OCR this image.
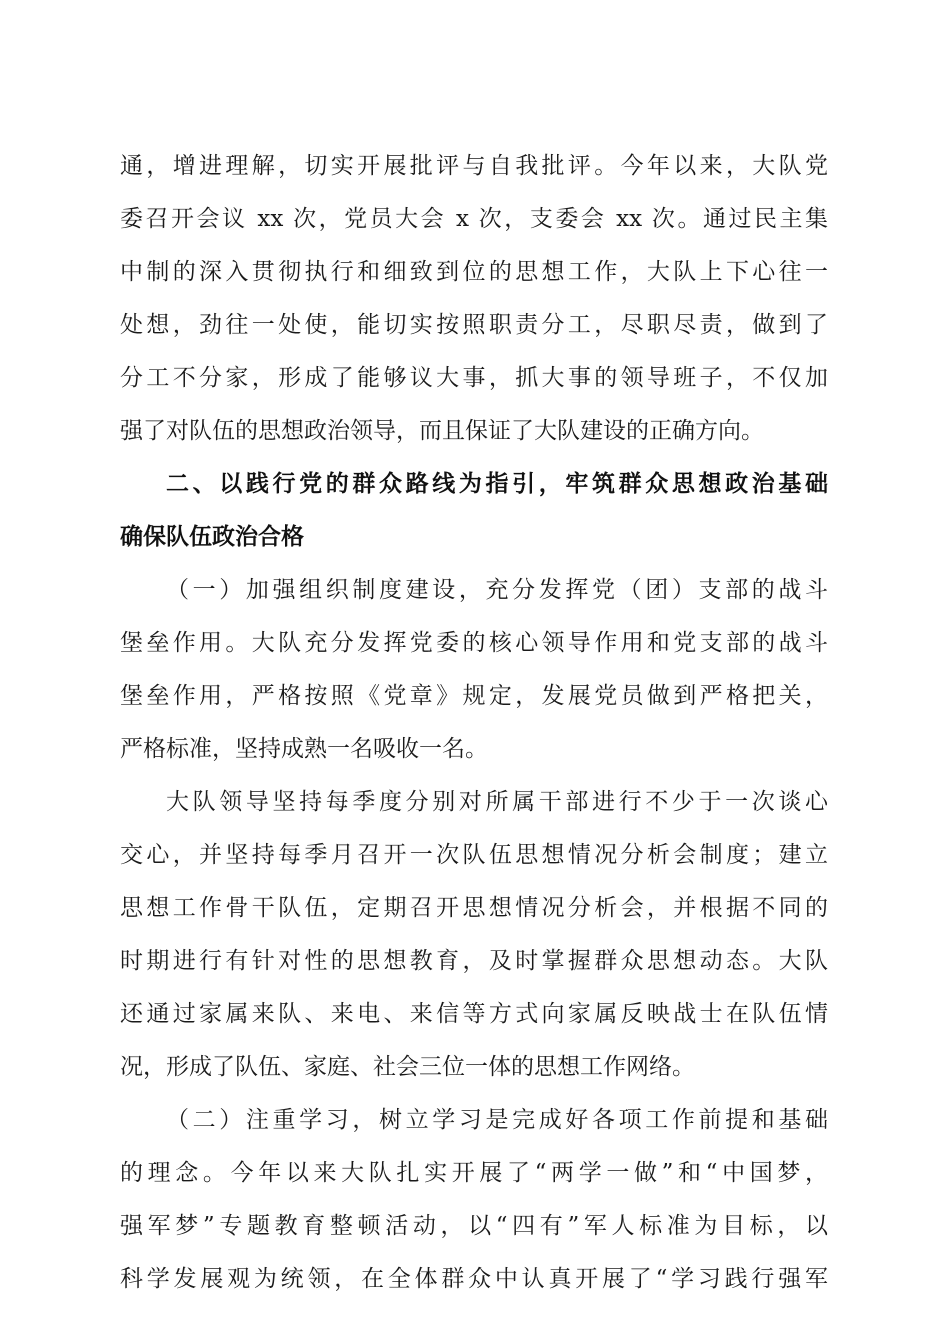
通，增进理解，切实开展批评与自我批评。今年以来，大队党
委召开会议 xx 次，党员大会 x 次，支委会 xx 次。通过民主集
中制的深入贯彻执行和细致到位的思想工作，大队上下心往一
处想，劲往一处使，能切实按照职责分工，尽职尽责，做到了
分工不分家，形成了能够议大事，抓大事的领导班子，不仅加
强了对队伍的思想政治领导，而且保证了大队建设的正确方向。
二、以践行党的群众路线为指引，牢筑群众思想政治基础
确保队伍政治合格
（一）加强组织制度建设，充分发挥党（团）支部的战斗
堡垒作用。大队充分发挥党委的核心领导作用和党支部的战斗
堡垒作用，严格按照《党章》规定，发展党员做到严格把关，
严格标准，坚持成熟一名吸收一名。
大队领导坚持每季度分别对所属干部进行不少于一次谈心
交心，并坚持每季月召开一次队伍思想情况分析会制度；建立
思想工作骨干队伍，定期召开思想情况分析会，并根据不同的
时期进行有针对性的思想教育，及时掌握群众思想动态。大队
还通过家属来队、来电、来信等方式向家属反映战士在队伍情
况，形成了队伍、家庭、社会三位一体的思想工作网络。
（二）注重学习，树立学习是完成好各项工作前提和基础
的理念。今年以来大队扎实开展了“两学一做”和“中国梦，
强军梦”专题教育整顿活动，以“四有”军人标准为目标，以
科学发展观为统领，在全体群众中认真开展了“学习践行强军
